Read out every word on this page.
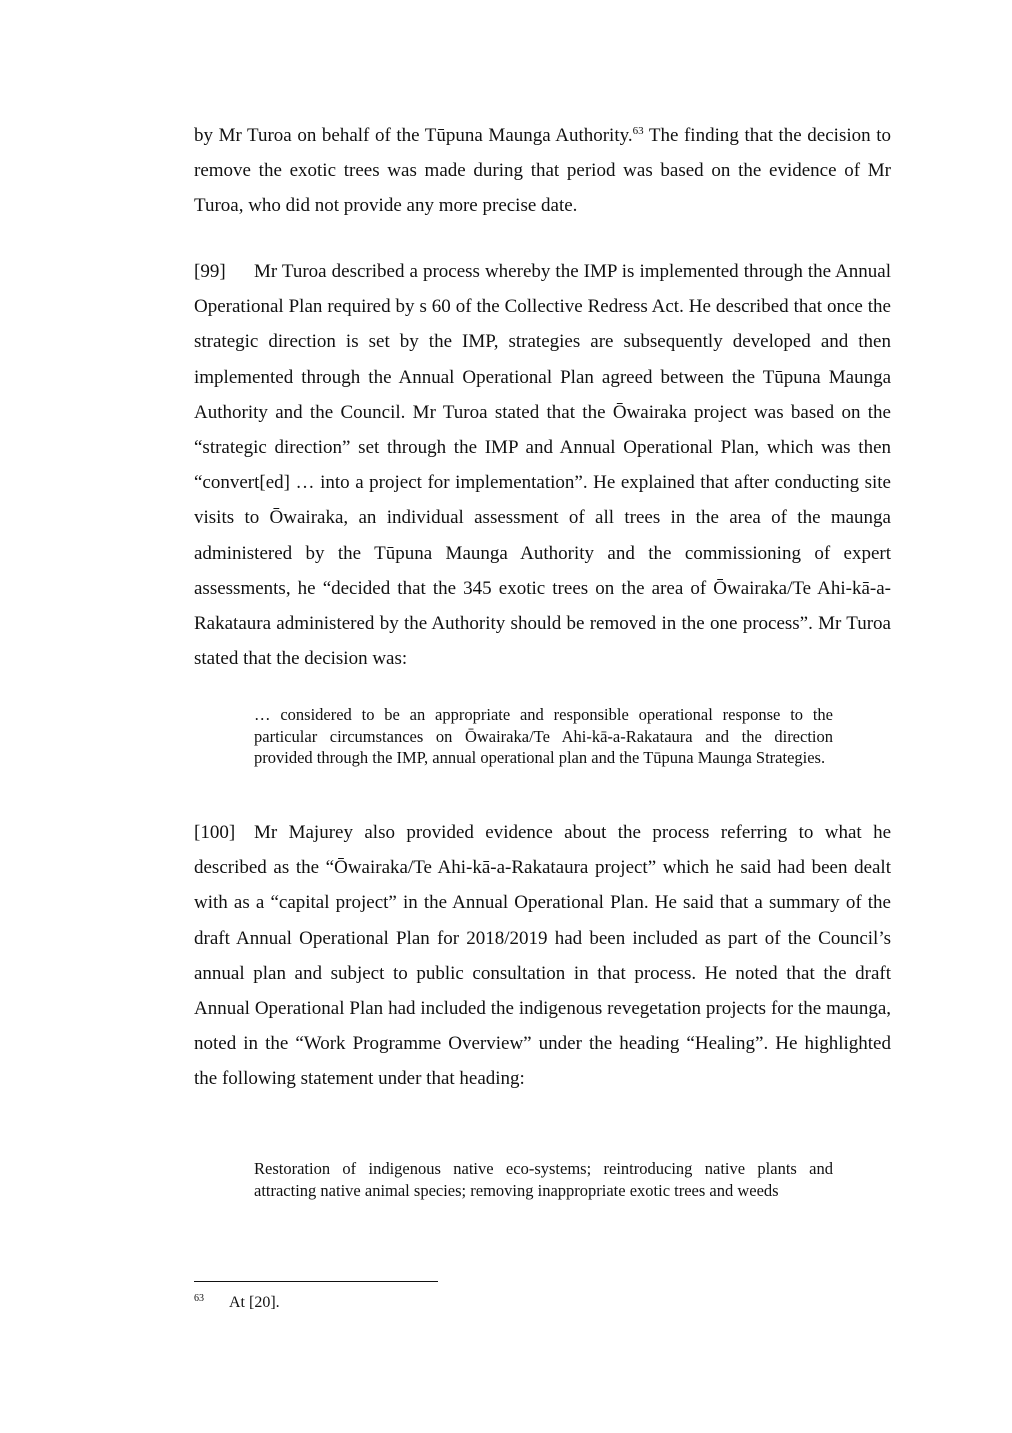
by Mr Turoa on behalf of the Tūpuna Maunga Authority.$^{63}$ The finding that the decision to remove the exotic trees was made during that period was based on the evidence of Mr Turoa, who did not provide any more precise date.

[99] Mr Turoa described a process whereby the IMP is implemented through the Annual Operational Plan required by s 60 of the Collective Redress Act. He described that once the strategic direction is set by the IMP, strategies are subsequently developed and then implemented through the Annual Operational Plan agreed between the Tūpuna Maunga Authority and the Council. Mr Turoa stated that the Ōwairaka project was based on the “strategic direction” set through the IMP and Annual Operational Plan, which was then “convert[ed] … into a project for implementation”. He explained that after conducting site visits to Ōwairaka, an individual assessment of all trees in the area of the maunga administered by the Tūpuna Maunga Authority and the commissioning of expert assessments, he “decided that the 345 exotic trees on the area of Ōwairaka/Te Ahi-kā-a-Rakataura administered by the Authority should be removed in the one process”. Mr Turoa stated that the decision was:

… considered to be an appropriate and responsible operational response to the particular circumstances on Ōwairaka/Te Ahi-kā-a-Rakataura and the direction provided through the IMP, annual operational plan and the Tūpuna Maunga Strategies.

[100] Mr Majurey also provided evidence about the process referring to what he described as the “Ōwairaka/Te Ahi-kā-a-Rakataura project” which he said had been dealt with as a “capital project” in the Annual Operational Plan. He said that a summary of the draft Annual Operational Plan for 2018/2019 had been included as part of the Council’s annual plan and subject to public consultation in that process. He noted that the draft Annual Operational Plan had included the indigenous revegetation projects for the maunga, noted in the “Work Programme Overview” under the heading “Healing”. He highlighted the following statement under that heading:

Restoration of indigenous native eco-systems; reintroducing native plants and attracting native animal species; removing inappropriate exotic trees and weeds

63 At [20].
